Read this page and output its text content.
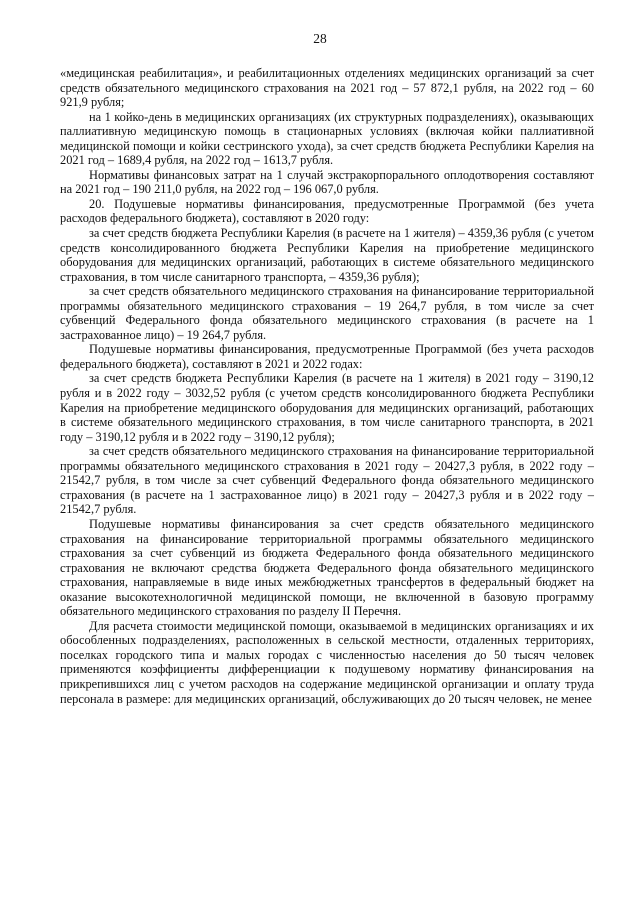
28

«медицинская реабилитация», и реабилитационных отделениях медицинских организаций за счет средств обязательного медицинского страхования на 2021 год – 57 872,1 рубля, на 2022 год – 60 921,9 рубля;

на 1 койко-день в медицинских организациях (их структурных подразделениях), оказывающих паллиативную медицинскую помощь в стационарных условиях (включая койки паллиативной медицинской помощи и койки сестринского ухода), за счет средств бюджета Республики Карелия на 2021 год – 1689,4 рубля, на 2022 год – 1613,7 рубля.

Нормативы финансовых затрат на 1 случай экстракорпорального оплодотворения составляют на 2021 год – 190 211,0 рубля, на 2022 год – 196 067,0 рубля.

20. Подушевые нормативы финансирования, предусмотренные Программой (без учета расходов федерального бюджета), составляют в 2020 году:

за счет средств бюджета Республики Карелия (в расчете на 1 жителя) – 4359,36 рубля (с учетом средств консолидированного бюджета Республики Карелия на приобретение медицинского оборудования для медицинских организаций, работающих в системе обязательного медицинского страхования, в том числе санитарного транспорта, – 4359,36 рубля);

за счет средств обязательного медицинского страхования на финансирование территориальной программы обязательного медицинского страхования – 19 264,7 рубля, в том числе за счет субвенций Федерального фонда обязательного медицинского страхования (в расчете на 1 застрахованное лицо) – 19 264,7 рубля.

Подушевые нормативы финансирования, предусмотренные Программой (без учета расходов федерального бюджета), составляют в 2021 и 2022 годах:

за счет средств бюджета Республики Карелия (в расчете на 1 жителя) в 2021 году – 3190,12 рубля и в 2022 году – 3032,52 рубля (с учетом средств консолидированного бюджета Республики Карелия на приобретение медицинского оборудования для медицинских организаций, работающих в системе обязательного медицинского страхования, в том числе санитарного транспорта, в 2021 году – 3190,12 рубля и в 2022 году – 3190,12 рубля);

за счет средств обязательного медицинского страхования на финансирование территориальной программы обязательного медицинского страхования в 2021 году – 20427,3 рубля, в 2022 году – 21542,7 рубля, в том числе за счет субвенций Федерального фонда обязательного медицинского страхования (в расчете на 1 застрахованное лицо) в 2021 году – 20427,3 рубля и в 2022 году – 21542,7 рубля.

Подушевые нормативы финансирования за счет средств обязательного медицинского страхования на финансирование территориальной программы обязательного медицинского страхования за счет субвенций из бюджета Федерального фонда обязательного медицинского страхования не включают средства бюджета Федерального фонда обязательного медицинского страхования, направляемые в виде иных межбюджетных трансфертов в федеральный бюджет на оказание высокотехнологичной медицинской помощи, не включенной в базовую программу обязательного медицинского страхования по разделу II Перечня.

Для расчета стоимости медицинской помощи, оказываемой в медицинских организациях и их обособленных подразделениях, расположенных в сельской местности, отдаленных территориях, поселках городского типа и малых городах с численностью населения до 50 тысяч человек применяются коэффициенты дифференциации к подушевому нормативу финансирования на прикрепившихся лиц с учетом расходов на содержание медицинской организации и оплату труда персонала в размере: для медицинских организаций, обслуживающих до 20 тысяч человек, не менее
